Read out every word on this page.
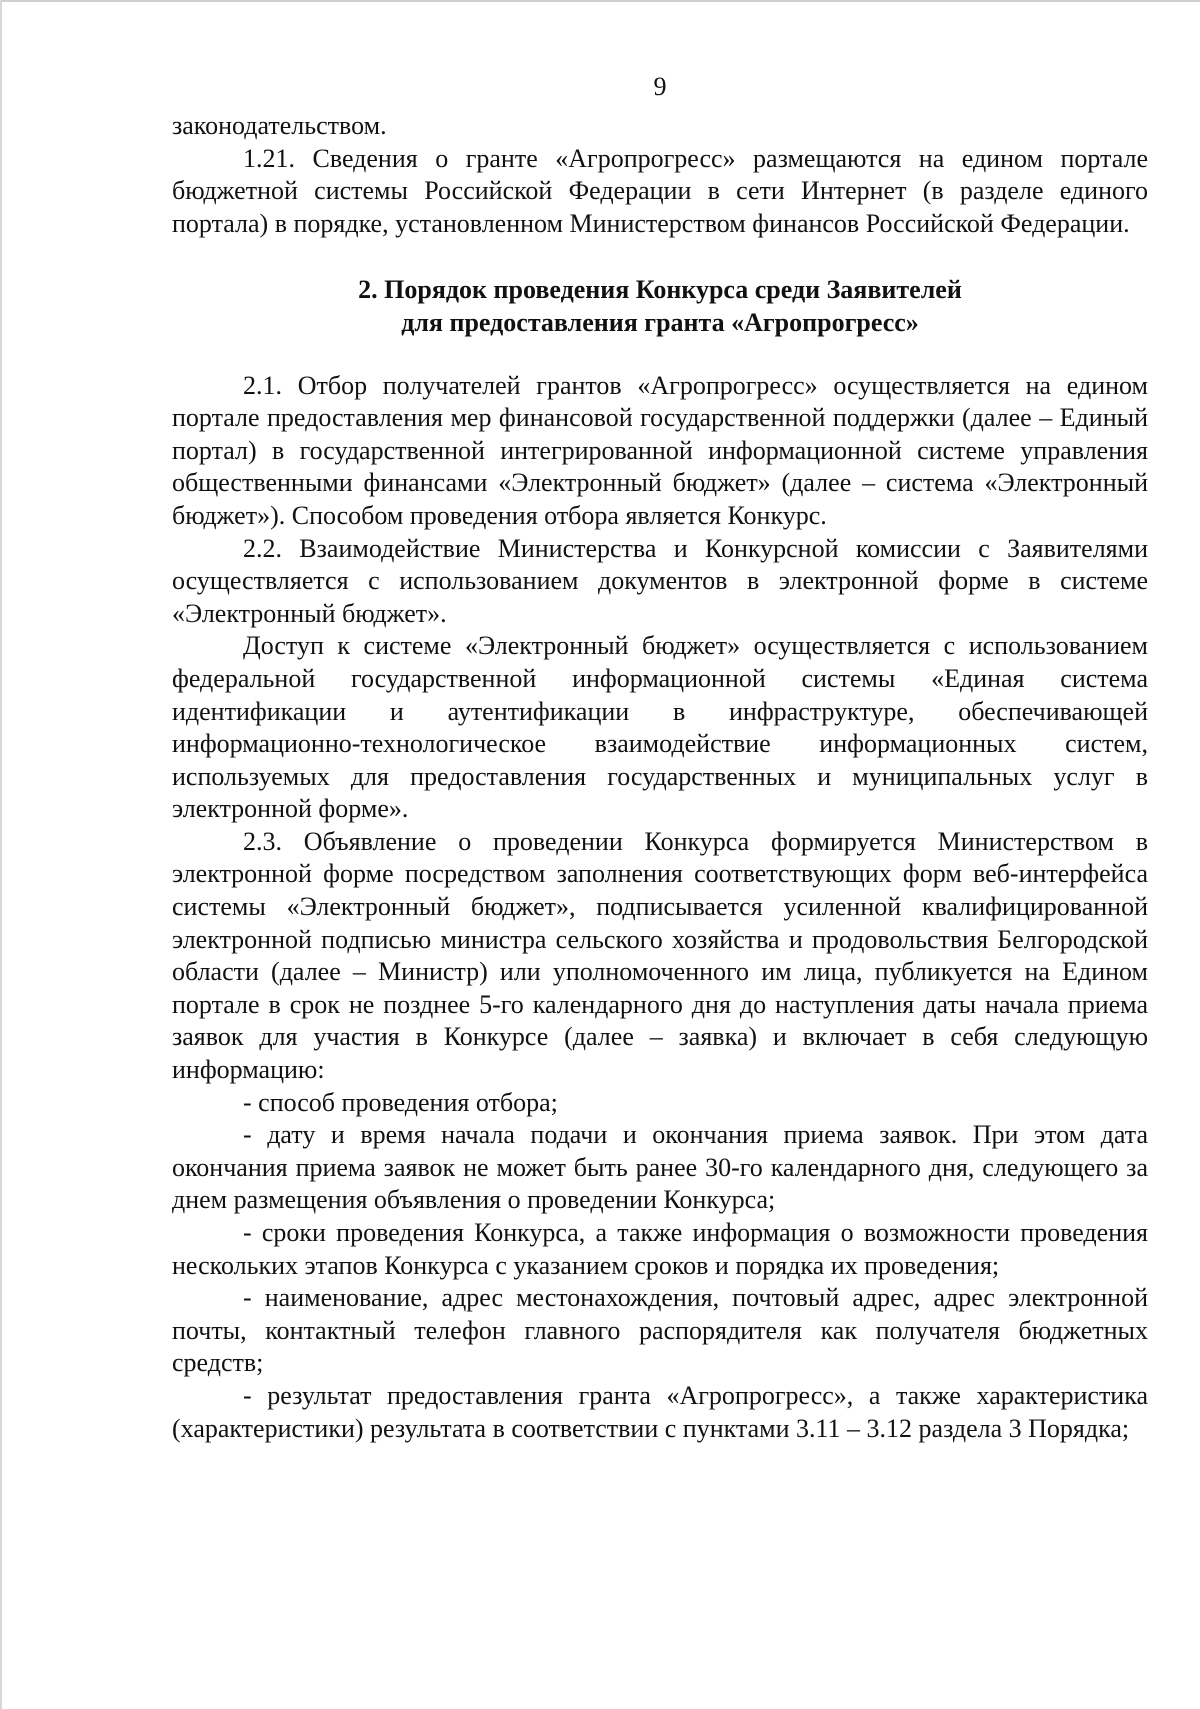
9

законодательством.

1.21. Сведения о гранте «Агропрогресс» размещаются на едином портале бюджетной системы Российской Федерации в сети Интернет (в разделе единого портала) в порядке, установленном Министерством финансов Российской Федерации.

2. Порядок проведения Конкурса среди Заявителей
для предоставления гранта «Агропрогресс»

2.1. Отбор получателей грантов «Агропрогресс» осуществляется на едином портале предоставления мер финансовой государственной поддержки (далее – Единый портал) в государственной интегрированной информационной системе управления общественными финансами «Электронный бюджет» (далее – система «Электронный бюджет»). Способом проведения отбора является Конкурс.

2.2. Взаимодействие Министерства и Конкурсной комиссии с Заявителями осуществляется с использованием документов в электронной форме в системе «Электронный бюджет».

Доступ к системе «Электронный бюджет» осуществляется с использованием федеральной государственной информационной системы «Единая система идентификации и аутентификации в инфраструктуре, обеспечивающей информационно-технологическое взаимодействие информационных систем, используемых для предоставления государственных и муниципальных услуг в электронной форме».

2.3. Объявление о проведении Конкурса формируется Министерством в электронной форме посредством заполнения соответствующих форм веб-интерфейса системы «Электронный бюджет», подписывается усиленной квалифицированной электронной подписью министра сельского хозяйства и продовольствия Белгородской области (далее – Министр) или уполномоченного им лица, публикуется на Едином портале в срок не позднее 5-го календарного дня до наступления даты начала приема заявок для участия в Конкурсе (далее – заявка) и включает в себя следующую информацию:

- способ проведения отбора;

- дату и время начала подачи и окончания приема заявок. При этом дата окончания приема заявок не может быть ранее 30-го календарного дня, следующего за днем размещения объявления о проведении Конкурса;

- сроки проведения Конкурса, а также информация о возможности проведения нескольких этапов Конкурса с указанием сроков и порядка их проведения;

- наименование, адрес местонахождения, почтовый адрес, адрес электронной почты, контактный телефон главного распорядителя как получателя бюджетных средств;

- результат предоставления гранта «Агропрогресс», а также характеристика (характеристики) результата в соответствии с пунктами 3.11 – 3.12 раздела 3 Порядка;
